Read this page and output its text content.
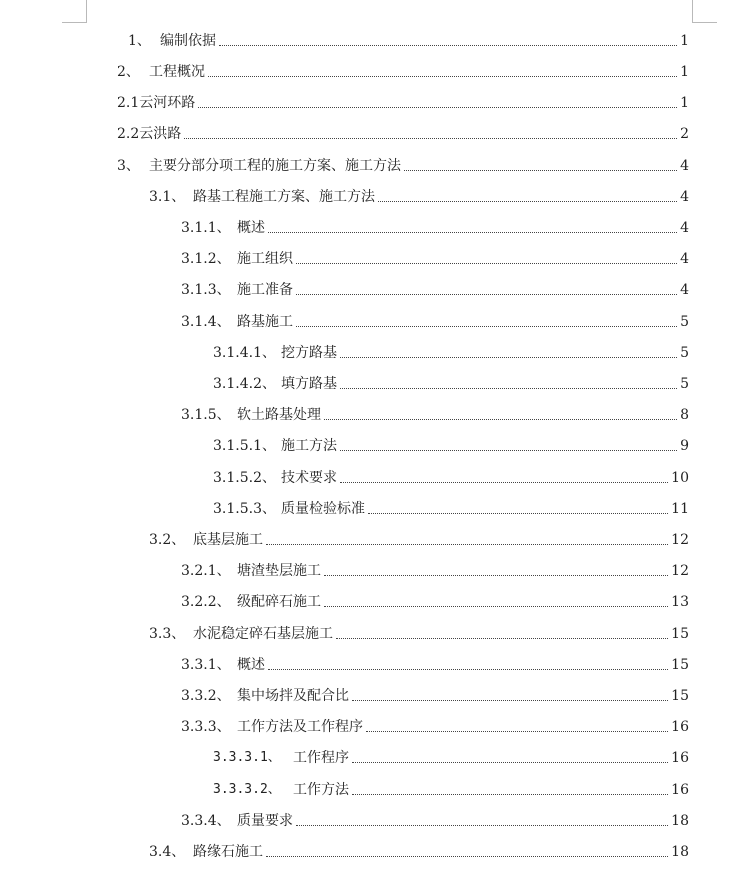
1、 编制依据	1
2、 工程概况	1
2.1 云河环路	1
2.2 云洪路	2
3、 主要分部分项工程的施工方案、施工方法	4
3.1、 路基工程施工方案、施工方法	4
3.1.1、 概述	4
3.1.2、 施工组织	4
3.1.3、 施工准备	4
3.1.4、 路基施工	5
3.1.4.1、 挖方路基	5
3.1.4.2、 填方路基	5
3.1.5、 软土路基处理	8
3.1.5.1、 施工方法	9
3.1.5.2、 技术要求	10
3.1.5.3、 质量检验标准	11
3.2、 底基层施工	12
3.2.1、 塘渣垫层施工	12
3.2.2、 级配碎石施工	13
3.3、 水泥稳定碎石基层施工	15
3.3.1、 概述	15
3.3.2、 集中场拌及配合比	15
3.3.3、 工作方法及工作程序	16
3.3.3.1、 工作程序	16
3.3.3.2、 工作方法	16
3.3.4、 质量要求	18
3.4、 路缘石施工	18
